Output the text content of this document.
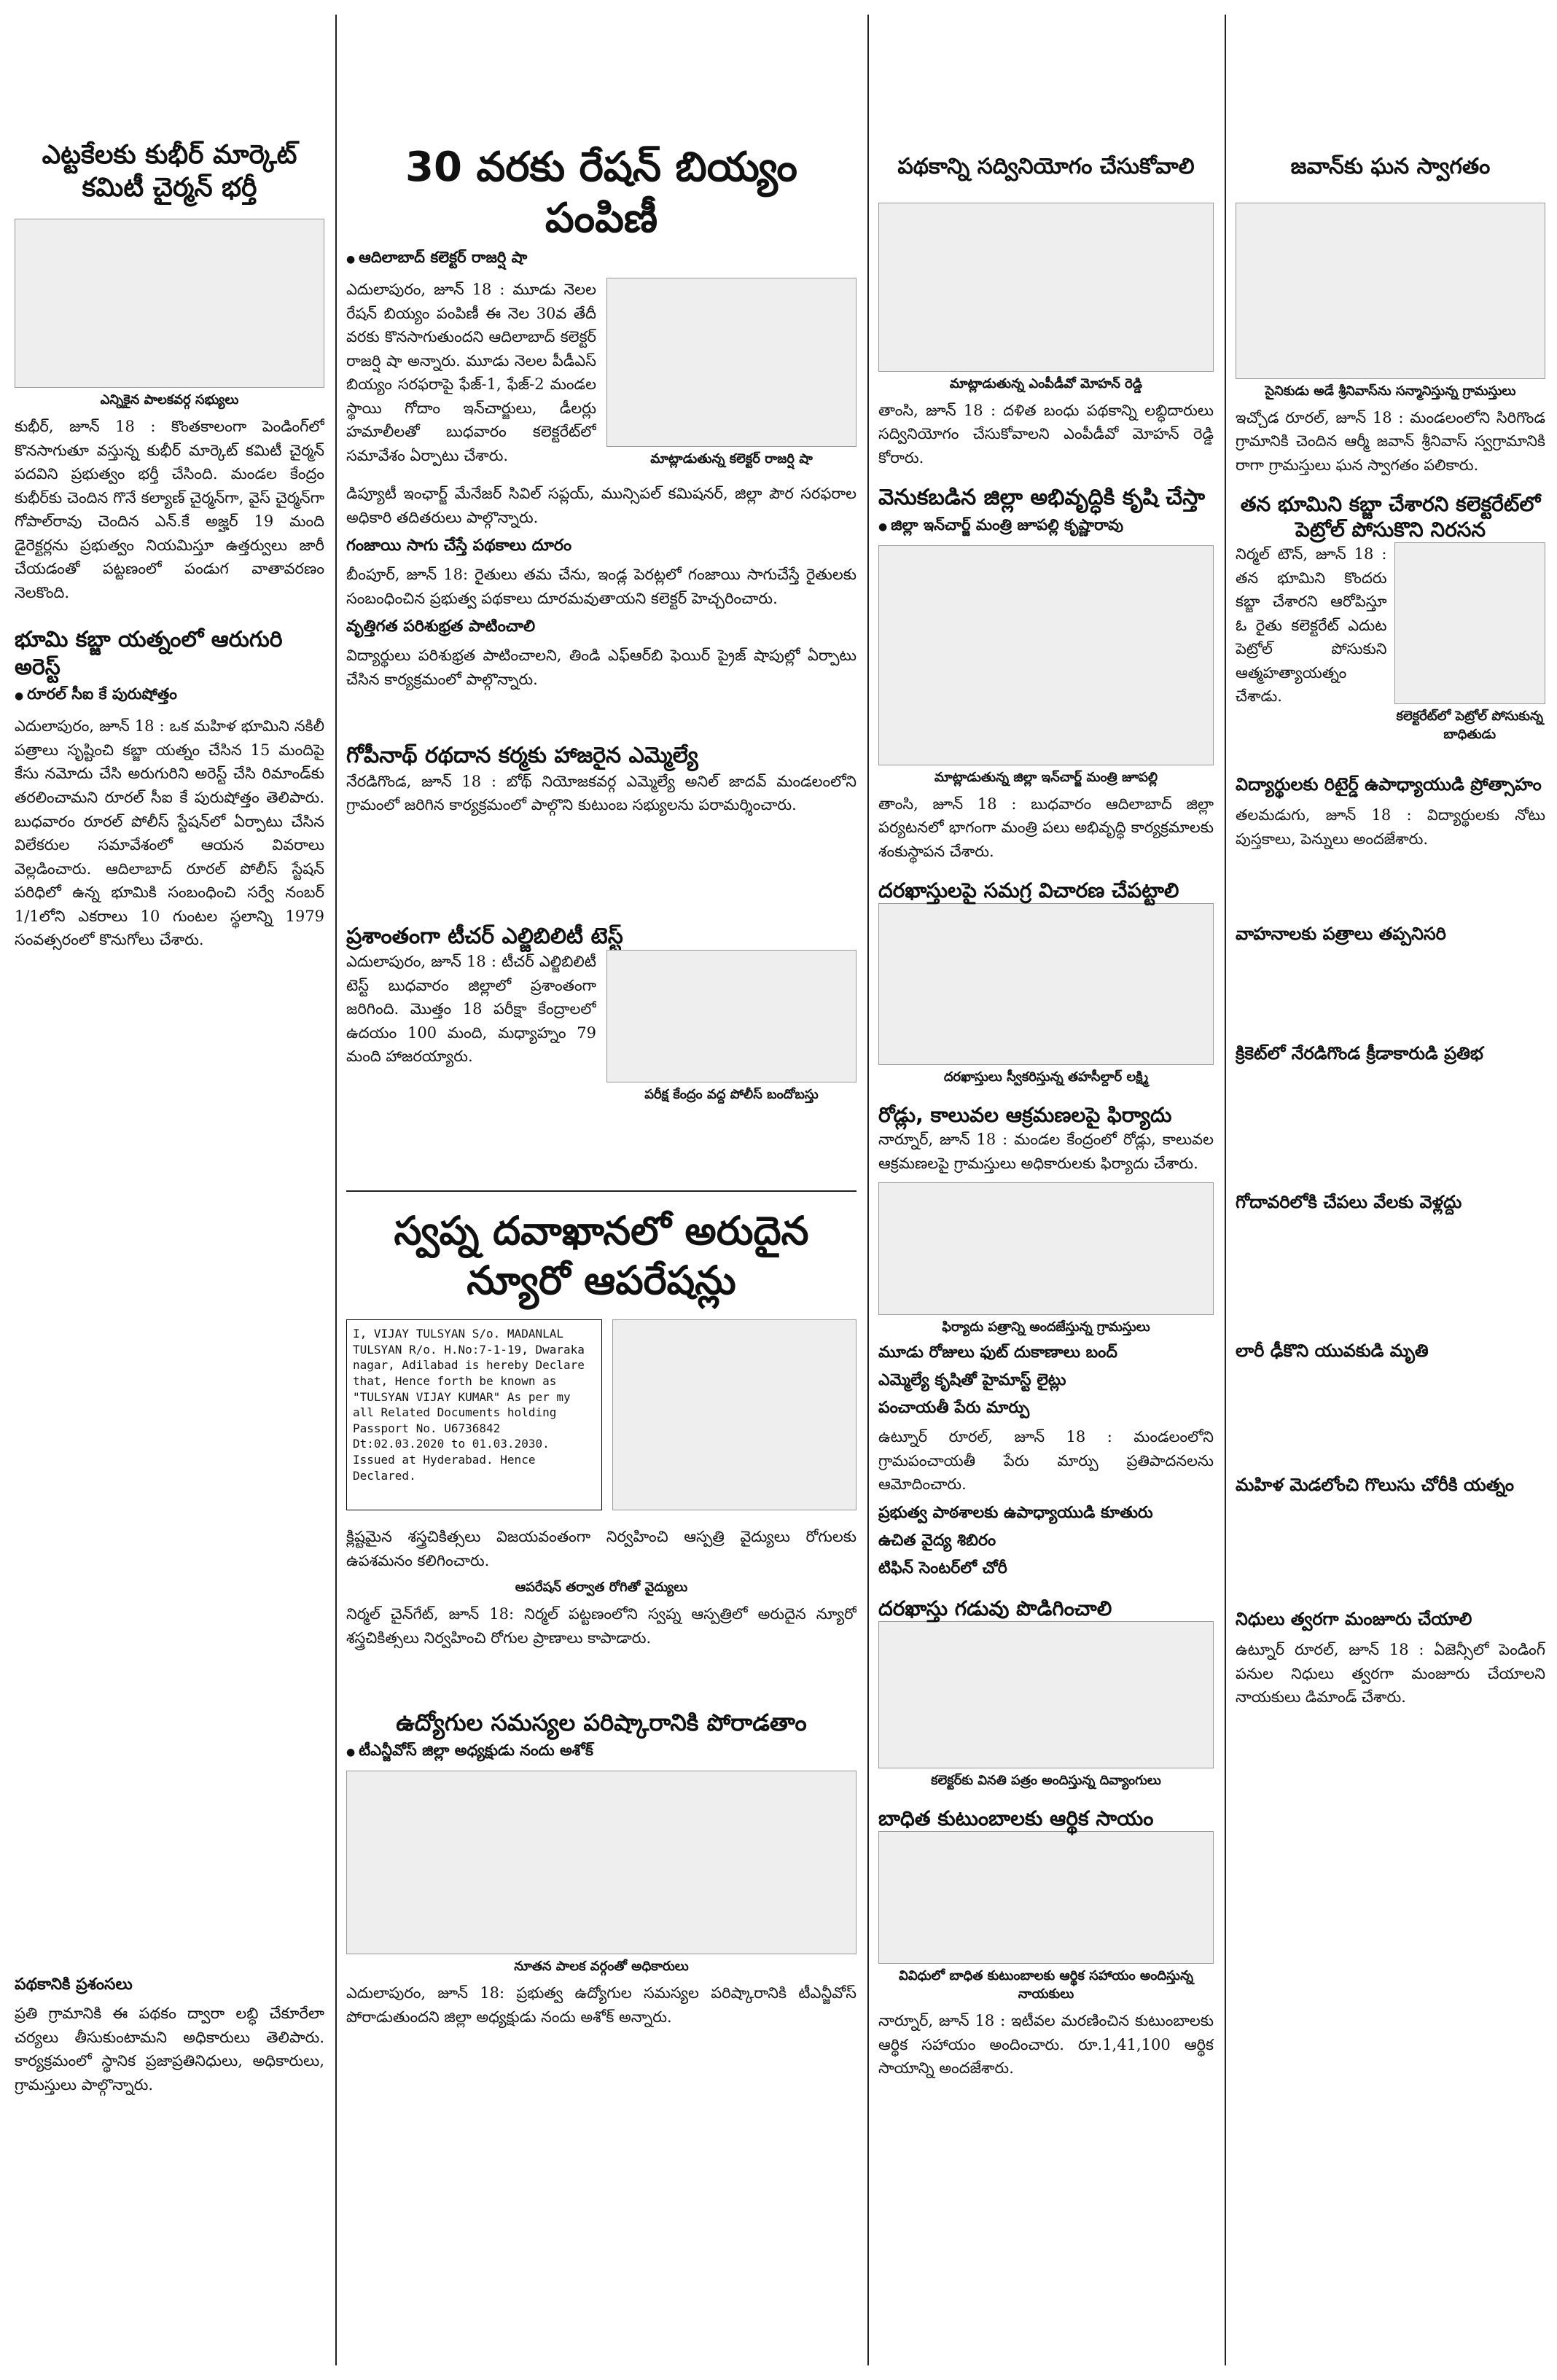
ఎట్టకేలకు కుభీర్ మార్కెట్ కమిటీ చైర్మన్ భర్తీ

ఎన్నికైన పాలకవర్గ సభ్యులు

కుభీర్, జూన్ 18 : కొంతకాలంగా పెండింగ్‌లో కొనసాగుతూ వస్తున్న కుభీర్ మార్కెట్ కమిటీ చైర్మన్ పదవిని ప్రభుత్వం భర్తీ చేసింది. మండల కేంద్రం కుభీర్‌కు చెందిన గొనే కల్యాణ్ చైర్మన్‌గా, వైస్ చైర్మన్‌గా గోపాల్‌రావు చెందిన ఎన్.కే అజ్హర్ 19 మంది డైరెక్టర్లను ప్రభుత్వం నియమిస్తూ ఉత్తర్వులు జారీ చేయడంతో పట్టణంలో పండుగ వాతావరణం నెలకొంది.

భూమి కబ్జా యత్నంలో ఆరుగురి అరెస్ట్

● రూరల్ సీఐ కే పురుషోత్తం

ఎదులాపురం, జూన్ 18 : ఒక మహిళ భూమిని నకిలీ పత్రాలు సృష్టించి కబ్జా యత్నం చేసిన 15 మందిపై కేసు నమోదు చేసి అరుగురిని అరెస్ట్ చేసి రిమాండ్‌కు తరలించామని రూరల్ సీఐ కే పురుషోత్తం తెలిపారు. బుధవారం రూరల్ పోలీస్ స్టేషన్‌లో ఏర్పాటు చేసిన విలేకరుల సమావేశంలో ఆయన వివరాలు వెల్లడించారు. ఆదిలాబాద్ రూరల్ పోలీస్ స్టేషన్ పరిధిలో ఉన్న భూమికి సంబంధించి సర్వే నంబర్ 1/1లోని ఎకరాలు 10 గుంటల స్థలాన్ని 1979 సంవత్సరంలో కొనుగోలు చేశారు.

పథకానికి ప్రశంసలు

ప్రతి గ్రామానికి ఈ పథకం ద్వారా లబ్ధి చేకూరేలా చర్యలు తీసుకుంటామని అధికారులు తెలిపారు. కార్యక్రమంలో స్థానిక ప్రజాప్రతినిధులు, అధికారులు, గ్రామస్తులు పాల్గొన్నారు.

30 వరకు రేషన్ బియ్యం పంపిణీ

● ఆదిలాబాద్ కలెక్టర్ రాజర్షి షా

ఎదులాపురం, జూన్ 18 : మూడు నెలల రేషన్ బియ్యం పంపిణీ ఈ నెల 30వ తేదీ వరకు కొనసాగుతుందని ఆదిలాబాద్ కలెక్టర్ రాజర్షి షా అన్నారు. మూడు నెలల పీడీఎస్ బియ్యం సరఫరాపై ఫేజ్-1, ఫేజ్-2 మండల స్థాయి గోదాం ఇన్‌చార్జులు, డీలర్లు హమాలీలతో బుధవారం కలెక్టరేట్‌లో సమావేశం ఏర్పాటు చేశారు.	మాట్లాడుతున్న కలెక్టర్ రాజర్షి షా

డిప్యూటీ ఇంఛార్జ్ మేనేజర్ సివిల్ సప్లయ్, మున్సిపల్ కమిషనర్, జిల్లా పౌర సరఫరాల అధికారి తదితరులు పాల్గొన్నారు.

గంజాయి సాగు చేస్తే పథకాలు దూరం

బీంపూర్, జూన్ 18: రైతులు తమ చేను, ఇండ్ల పెరట్లలో గంజాయి సాగుచేస్తే రైతులకు సంబంధించిన ప్రభుత్వ పథకాలు దూరమవుతాయని కలెక్టర్ హెచ్చరించారు.

వృత్తిగత పరిశుభ్రత పాటించాలి

విద్యార్థులు పరిశుభ్రత పాటించాలని, తిండి ఎఫ్ఆర్‌బి ఫెయిర్ ప్రైజ్ షాపుల్లో ఏర్పాటు చేసిన కార్యక్రమంలో పాల్గొన్నారు.

గోపీనాథ్ రథదాన కర్మకు హాజరైన ఎమ్మెల్యే

నేరడిగొండ, జూన్ 18 : బోథ్ నియోజకవర్గ ఎమ్మెల్యే అనిల్ జాదవ్ మండలంలోని గ్రామంలో జరిగిన కార్యక్రమంలో పాల్గొని కుటుంబ సభ్యులను పరామర్శించారు.

ప్రశాంతంగా టీచర్ ఎల్జిబిలిటీ టెస్ట్

ఎదులాపురం, జూన్ 18 : టీచర్ ఎల్జిబిలిటీ టెస్ట్ బుధవారం జిల్లాలో ప్రశాంతంగా జరిగింది. మొత్తం 18 పరీక్షా కేంద్రాలలో ఉదయం 100 మంది, మధ్యాహ్నం 79 మంది హాజరయ్యారు.

పరీక్ష కేంద్రం వద్ద పోలీస్ బందోబస్తు

స్వప్న దవాఖానలో అరుదైన న్యూరో ఆపరేషన్లు

I, VIJAY TULSYAN S/o. MADANLAL TULSYAN R/o. H.No:7-1-19, Dwaraka nagar, Adilabad is hereby Declare that, Hence forth be known as "TULSYAN VIJAY KUMAR" As per my all Related Documents holding Passport No. U6736842 Dt:02.03.2020 to 01.03.2030. Issued at Hyderabad. Hence Declared.

క్లిష్టమైన శస్త్రచికిత్సలు విజయవంతంగా నిర్వహించి ఆస్పత్రి వైద్యులు రోగులకు ఉపశమనం కలిగించారు.

ఆపరేషన్ తర్వాత రోగితో వైద్యులు

నిర్మల్ చైన్‌గేట్, జూన్ 18: నిర్మల్ పట్టణంలోని స్వప్న ఆస్పత్రిలో అరుదైన న్యూరో శస్త్రచికిత్సలు నిర్వహించి రోగుల ప్రాణాలు కాపాడారు.

ఉద్యోగుల సమస్యల పరిష్కారానికి పోరాడతాం

● టీఎన్జీవోస్ జిల్లా అధ్యక్షుడు నందు అశోక్

నూతన పాలక వర్గంతో అధికారులు

ఎదులాపురం, జూన్ 18: ప్రభుత్వ ఉద్యోగుల సమస్యల పరిష్కారానికి టీఎన్జీవోస్ పోరాడుతుందని జిల్లా అధ్యక్షుడు నందు అశోక్ అన్నారు.

పథకాన్ని సద్వినియోగం చేసుకోవాలి

మాట్లాడుతున్న ఎంపీడీవో మోహన్ రెడ్డి

తాంసి, జూన్ 18 : దళిత బంధు పథకాన్ని లబ్ధిదారులు సద్వినియోగం చేసుకోవాలని ఎంపీడీవో మోహన్ రెడ్డి కోరారు.

వెనుకబడిన జిల్లా అభివృద్ధికి కృషి చేస్తా

● జిల్లా ఇన్‌చార్జ్ మంత్రి జూపల్లి కృష్ణారావు

మాట్లాడుతున్న జిల్లా ఇన్‌చార్జ్ మంత్రి జూపల్లి

తాంసి, జూన్ 18 : బుధవారం ఆదిలాబాద్ జిల్లా పర్యటనలో భాగంగా మంత్రి పలు అభివృద్ధి కార్యక్రమాలకు శంకుస్థాపన చేశారు.

దరఖాస్తులపై సమగ్ర విచారణ చేపట్టాలి

దరఖాస్తులు స్వీకరిస్తున్న తహసీల్దార్ లక్ష్మి

రోడ్లు, కాలువల ఆక్రమణలపై ఫిర్యాదు

నార్నూర్, జూన్ 18 : మండల కేంద్రంలో రోడ్లు, కాలువల ఆక్రమణలపై గ్రామస్తులు అధికారులకు ఫిర్యాదు చేశారు.

ఫిర్యాదు పత్రాన్ని అందజేస్తున్న గ్రామస్తులు

మూడు రోజులు ఫుట్ దుకాణాలు బంద్
ఎమ్మెల్యే కృషితో హైమాస్ట్ లైట్లు
పంచాయతీ పేరు మార్పు

ఉట్నూర్ రూరల్, జూన్ 18 : మండలంలోని గ్రామపంచాయతీ పేరు మార్పు ప్రతిపాదనలను ఆమోదించారు.

ప్రభుత్వ పాఠశాలకు ఉపాధ్యాయుడి కూతురు
ఉచిత వైద్య శిబిరం
టిఫిన్ సెంటర్‌లో చోరీ
దరఖాస్తు గడువు పొడిగించాలి

కలెక్టర్‌కు వినతి పత్రం అందిస్తున్న దివ్యాంగులు

బాధిత కుటుంబాలకు ఆర్థిక సాయం

వివిధులో బాధిత కుటుంబాలకు ఆర్థిక సహాయం అందిస్తున్న నాయకులు

నార్నూర్, జూన్ 18 : ఇటీవల మరణించిన కుటుంబాలకు ఆర్థిక సహాయం అందించారు. రూ.1,41,100 ఆర్థిక సాయాన్ని అందజేశారు.

జవాన్‌కు ఘన స్వాగతం

సైనికుడు అడే శ్రీనివాస్‌ను సన్మానిస్తున్న గ్రామస్తులు

ఇచ్చోడ రూరల్, జూన్ 18 : మండలంలోని సిరిగొండ గ్రామానికి చెందిన ఆర్మీ జవాన్ శ్రీనివాస్ స్వగ్రామానికి రాగా గ్రామస్తులు ఘన స్వాగతం పలికారు.

తన భూమిని కబ్జా చేశారని కలెక్టరేట్‌లో పెట్రోల్ పోసుకొని నిరసన

నిర్మల్ టౌన్, జూన్ 18 : తన భూమిని కొందరు కబ్జా చేశారని ఆరోపిస్తూ ఓ రైతు కలెక్టరేట్ ఎదుట పెట్రోల్ పోసుకుని ఆత్మహత్యాయత్నం చేశాడు.

కలెక్టరేట్‌లో పెట్రోల్ పోసుకున్న బాధితుడు

విద్యార్థులకు రిటైర్డ్ ఉపాధ్యాయుడి ప్రోత్సాహం

తలమడుగు, జూన్ 18 : విద్యార్థులకు నోటు పుస్తకాలు, పెన్నులు అందజేశారు.

వాహనాలకు పత్రాలు తప్పనిసరి
క్రికెట్‌లో నేరడిగొండ క్రీడాకారుడి ప్రతిభ
గోదావరిలోకి చేపలు వేలకు వెళ్లద్దు
లారీ ఢీకొని యువకుడి మృతి
మహిళ మెడలోంచి గొలుసు చోరీకి యత్నం
నిధులు త్వరగా మంజూరు చేయాలి

ఉట్నూర్ రూరల్, జూన్ 18 : ఏజెన్సీలో పెండింగ్ పనుల నిధులు త్వరగా మంజూరు చేయాలని నాయకులు డిమాండ్ చేశారు.
